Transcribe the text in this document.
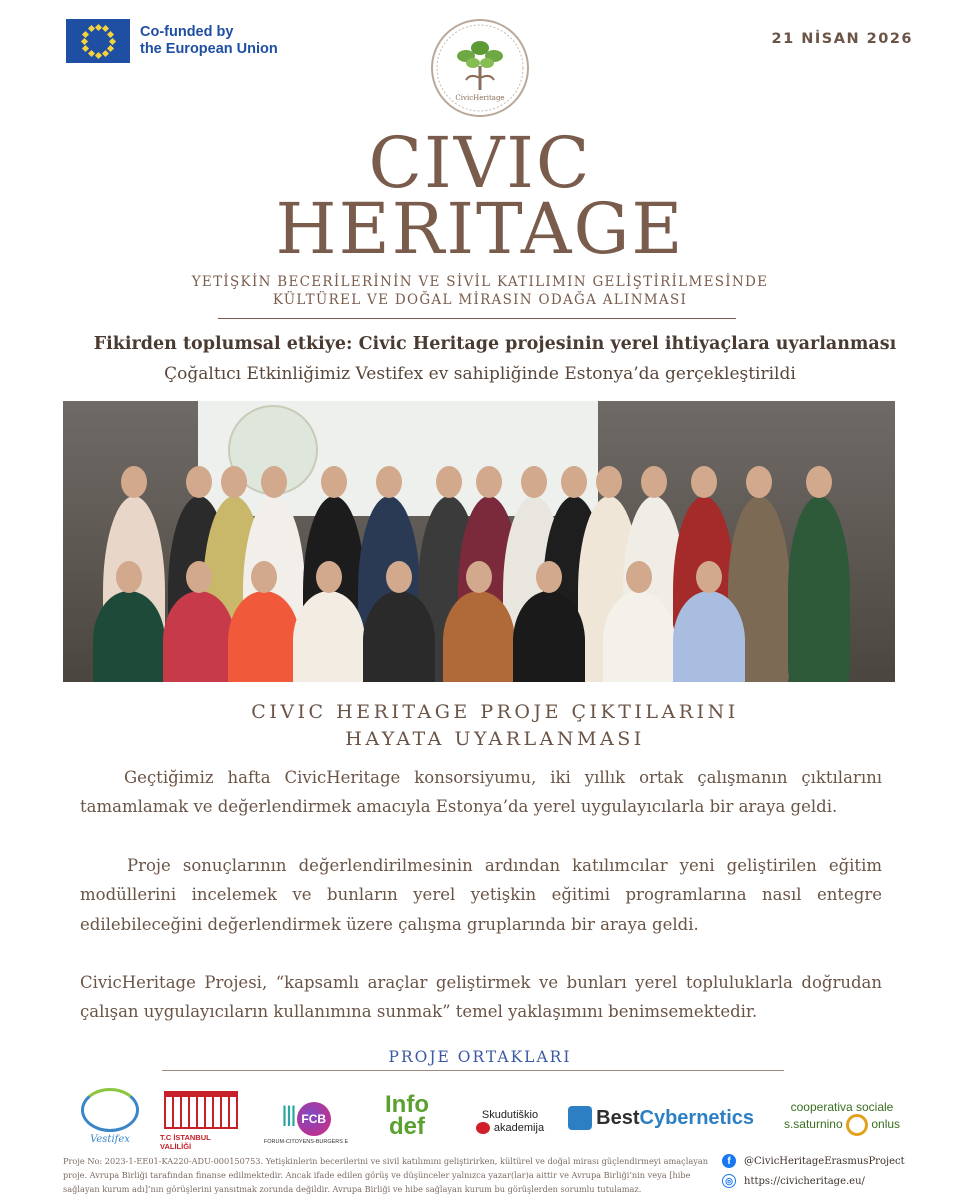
Co-funded by
the European Union
21 NİSAN 2026
CivicHeritage
CIVIC
HERITAGE
YETİŞKİN BECERİLERİNİN VE SİVİL KATILIMIN GELİŞTİRİLMESİNDE
KÜLTÜREL VE DOĞAL MİRASIN ODAĞA ALINMASI
Fikirden toplumsal etkiye: Civic Heritage projesinin yerel ihtiyaçlara uyarlanması
Çoğaltıcı Etkinliğimiz Vestifex ev sahipliğinde Estonya’da gerçekleştirildi
CIVIC HERITAGE PROJE ÇIKTILARINI
HAYATA UYARLANMASI

Geçtiğimiz hafta CivicHeritage konsorsiyumu, iki yıllık ortak çalışmanın çıktılarını tamamlamak ve değerlendirmek amacıyla Estonya’da yerel uygulayıcılarla bir araya geldi.

Proje sonuçlarının değerlendirilmesinin ardından katılımcılar yeni geliştirilen eğitim modüllerini incelemek ve bunların yerel yetişkin eğitimi programlarına nasıl entegre edilebileceğini değerlendirmek üzere çalışma gruplarında bir araya geldi.

CivicHeritage Projesi, “kapsamlı araçlar geliştirmek ve bunları yerel topluluklarla doğrudan çalışan uygulayıcıların kullanımına sunmak” temel yaklaşımını benimsemektedir.

PROJE ORTAKLARI
Vestifex	T.C İSTANBUL VALİLİĞİ
ꟾꟾꟾ FCB
FORUM-CITOYENS-BURGERS E
Info
def	Skudutiškio
akademija	BestCybernetics	cooperativa sociale
s.saturnino onlus
Proje No: 2023-1-EE01-KA220-ADU-000150753. Yetişkinlerin becerilerini ve sivil katılımını geliştirirken, kültürel ve doğal mirası güçlendirmeyi amaçlayan proje. Avrupa Birliği tarafından finanse edilmektedir. Ancak ifade edilen görüş ve düşünceler yalnızca yazar(lar)a aittir ve Avrupa Birliği’nin veya [hibe sağlayan kurum adı]’nın görüşlerini yansıtmak zorunda değildir. Avrupa Birliği ve hibe sağlayan kurum bu görüşlerden sorumlu tutulamaz.
f	@CivicHeritageErasmusProject
◎	https://civicheritage.eu/
